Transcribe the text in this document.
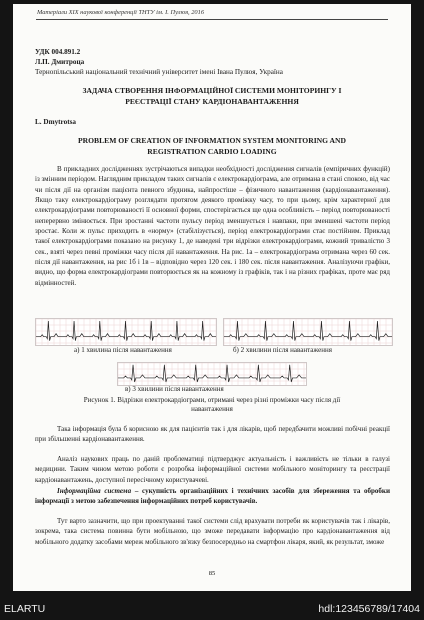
Матеріали XIX наукової конференції ТНТУ ім. І. Пулюя, 2016
УДК 004.891.2
Л.П. Дмитроца
Тернопільський національний технічний університет імені Івана Пулюя, Україна
ЗАДАЧА СТВОРЕННЯ ІНФОРМАЦІЙНОЇ СИСТЕМИ МОНІТОРИНГУ І
РЕЄСТРАЦІЇ СТАНУ КАРДІОНАВАНТАЖЕННЯ
L. Dmytrotsa
PROBLEM OF CREATION OF INFORMATION SYSTEM MONITORING AND
REGISTRATION CARDIO LOADING

В прикладних дослідженнях зустрічаються випадки необхідності дослідження сигналів (емпіричних функцій) із змінним періодом. Наглядним прикладом таких сигналів є електрокардіограма, але отримана в стані спокою, від час чи після дії на організм пацієнта певного збудника, найпростіше – фізичного навантаження (кардіонавантаження). Якщо таку електрокардіограму розглядати протягом деякого проміжку часу, то при цьому, крім характерної для електрокардіограми повторюваності її основної форми, спостерігається ще одна особливість – період повторюваності неперервно змінюється. При зростанні частоти пульсу період зменшується і навпаки, при зменшені частоти період зростає. Коли ж пульс приходить в «норму» (стабілізується), період електрокардіограми стає постійним. Приклад такої електрокардіограми показано на рисунку 1, де наведені три відрізки електрокардіограми, кожний тривалістю 3 сек., взяті через певні проміжки часу після дії навантаження. На рис. 1а – електрокардіограма отримана через 60 сек. після дії навантаження, на рис 1б і 1в – відповідно через 120 сек. і 180 сек. після навантаження. Аналізуючи графіки, видно, що форма електрокардіограми повторюється як на кожному із графіків, так і на різних графіках, проте має ряд відмінностей.

а) 1 хвилина після навантаження	б) 2 хвилини після навантаження
в) 3 хвилини після навантаження
Рисунок 1. Відрізки електрокардіограми, отримані через різні проміжки часу після дії
навантаження

Така інформація була б корисною як для пацієнтів так і для лікарів, щоб передбачити можливі побічні реакції при збільшенні кардіонавантаження.

Аналіз наукових праць по даній проблематиці підтверджує актуальність і важливість не тільки в галузі медицини. Таким чином метою роботи є розробка інформаційної системи мобільного моніторингу та реєстрації кардіонавантажень, доступної пересічному користувачеві.

Інформаційна система – сукупність організаційних і технічних засобів для збереження та обробки інформації з метою забезпечення інформаційних потреб користувачів.

Тут варто зазначити, що при проектуванні такої системи слід врахувати потреби як користувачів так і лікарів, зокрема, така система повинна бути мобільною, що зможе передавати інформацію про кардіонавантаження від мобільного додатку засобами мереж мобільного зв'язку безпосередньо на смартфон лікаря, який, як результат, зможе

85
ELARTU	hdl:123456789/17404
